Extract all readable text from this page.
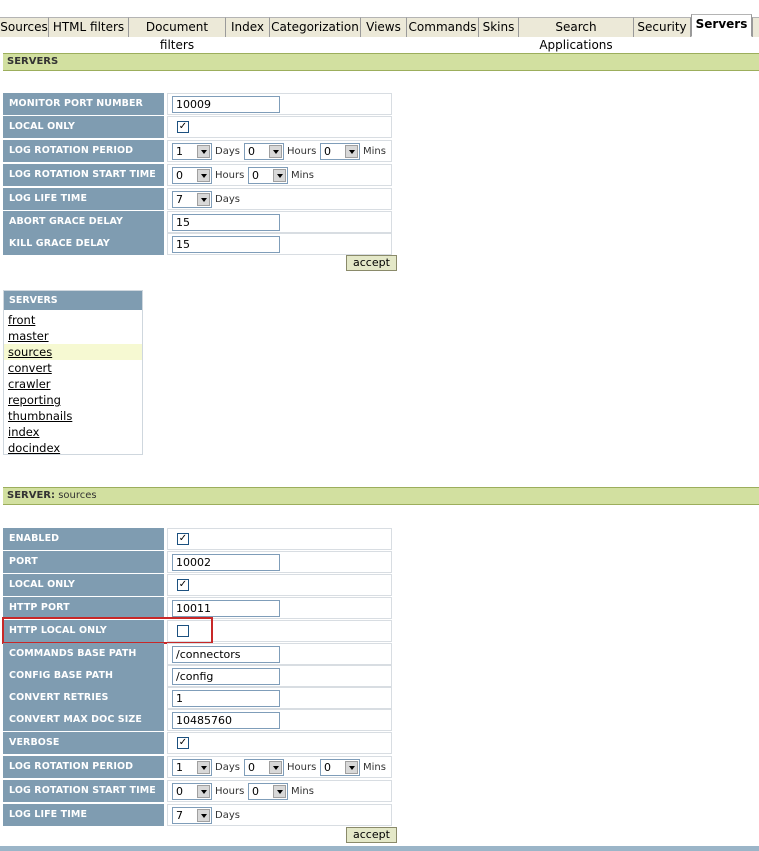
Sources HTML filters	Document filters
Index Categorization Views Commands Skins	Search Applications
Security Servers
SERVERS
MONITOR PORT NUMBER	10009
LOCAL ONLY	✓
LOG ROTATION PERIOD	1	Days 0	Hours 0	Mins
LOG ROTATION START TIME	0	Hours 0	Mins
LOG LIFE TIME	7	Days
ABORT GRACE DELAY	15
KILL GRACE DELAY	15
accept
SERVERS
front
master
sources
convert
crawler
reporting
thumbnails
index
docindex
SERVER: sources
ENABLED	✓
PORT	10002
LOCAL ONLY	✓
HTTP PORT	10011
HTTP LOCAL ONLY
COMMANDS BASE PATH	/connectors
CONFIG BASE PATH	/config
CONVERT RETRIES	1
CONVERT MAX DOC SIZE	10485760
VERBOSE	✓
LOG ROTATION PERIOD	1	Days 0	Hours 0	Mins
LOG ROTATION START TIME	0	Hours 0	Mins
LOG LIFE TIME	7	Days
accept
